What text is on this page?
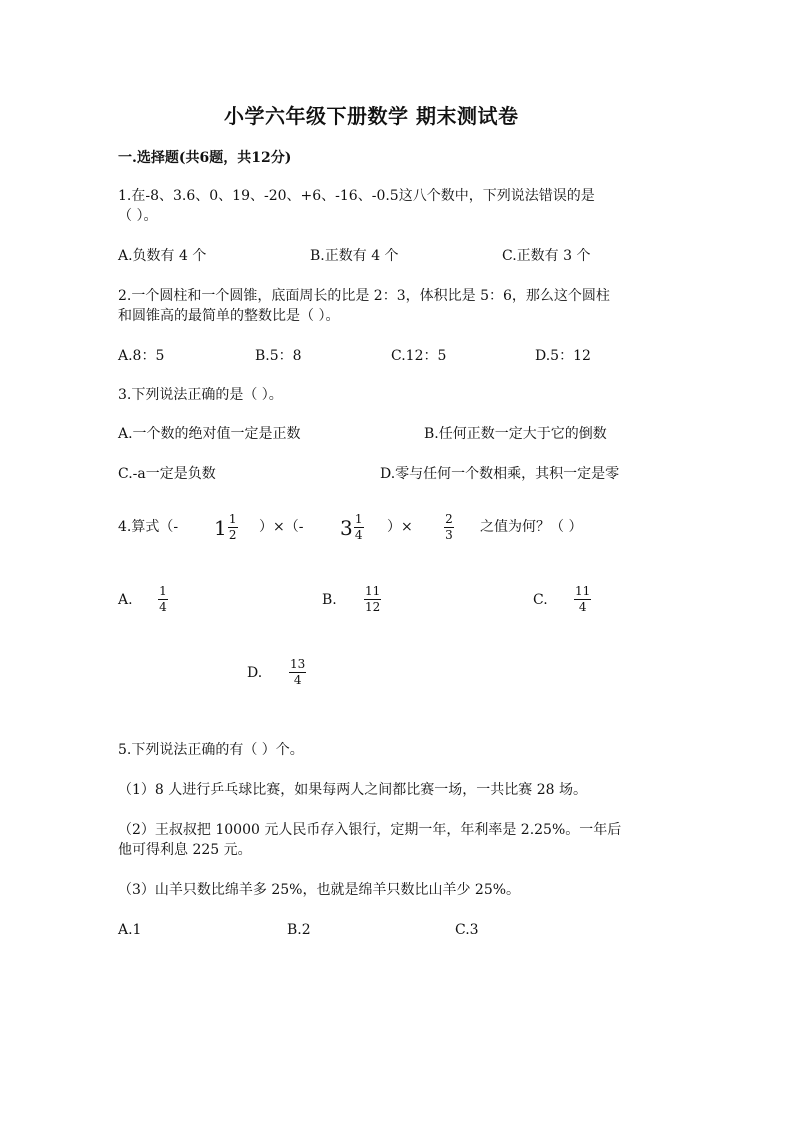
小学六年级下册数学 期末测试卷
一.选择题(共6题，共12分)
1.在-8、3.6、0、19、-20、+6、-16、-0.5这八个数中，下列说法错误的是
（ ）。
A.负数有 4 个	B.正数有 4 个	C.正数有 3 个
2.一个圆柱和一个圆锥，底面周长的比是 2：3，体积比是 5：6，那么这个圆柱
和圆锥高的最简单的整数比是（ ）。
A.8：5	B.5：8	C.12：5	D.5：12
3.下列说法正确的是（ ）。
A.一个数的绝对值一定是正数	B.任何正数一定大于它的倒数
C.-a一定是负数	D.零与任何一个数相乘，其积一定是零
4.算式（- $1 \frac{1}{2}$ ）×（- $3 \frac{1}{4}$ ）×	2
3 之值为何？（ ）
A.
1
4	B.
11
12	C.
11
4
D.
13
4
5.下列说法正确的有（ ）个。
（1）8 人进行乒乓球比赛，如果每两人之间都比赛一场，一共比赛 28 场。
（2）王叔叔把 10000 元人民币存入银行，定期一年，年利率是 2.25%。一年后
他可得利息 225 元。
（3）山羊只数比绵羊多 25%，也就是绵羊只数比山羊少 25%。
A.1	B.2	C.3
